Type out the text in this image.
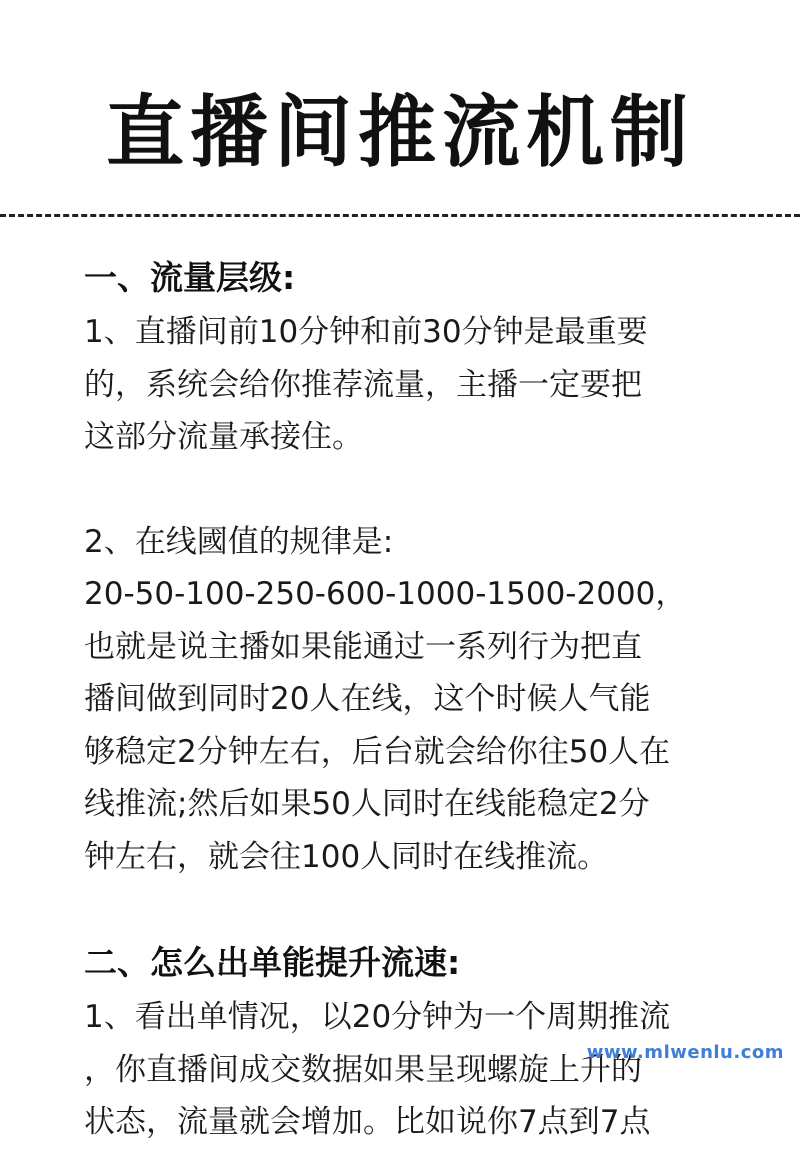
直播间推流机制
一、流量层级:
1、直播间前10分钟和前30分钟是最重要
的，系统会给你推荐流量，主播一定要把
这部分流量承接住。
2、在线國值的规律是:
20-50-100-250-600-1000-1500-2000，
也就是说主播如果能通过一系列行为把直
播间做到同时20人在线，这个时候人气能
够稳定2分钟左右，后台就会给你往50人在
线推流;然后如果50人同时在线能稳定2分
钟左右，就会往100人同时在线推流。
二、怎么出单能提升流速:
1、看出单情况，以20分钟为一个周期推流
，你直播间成交数据如果呈现螺旋上升的
状态，流量就会增加。比如说你7点到7点
www.mlwenlu.com
